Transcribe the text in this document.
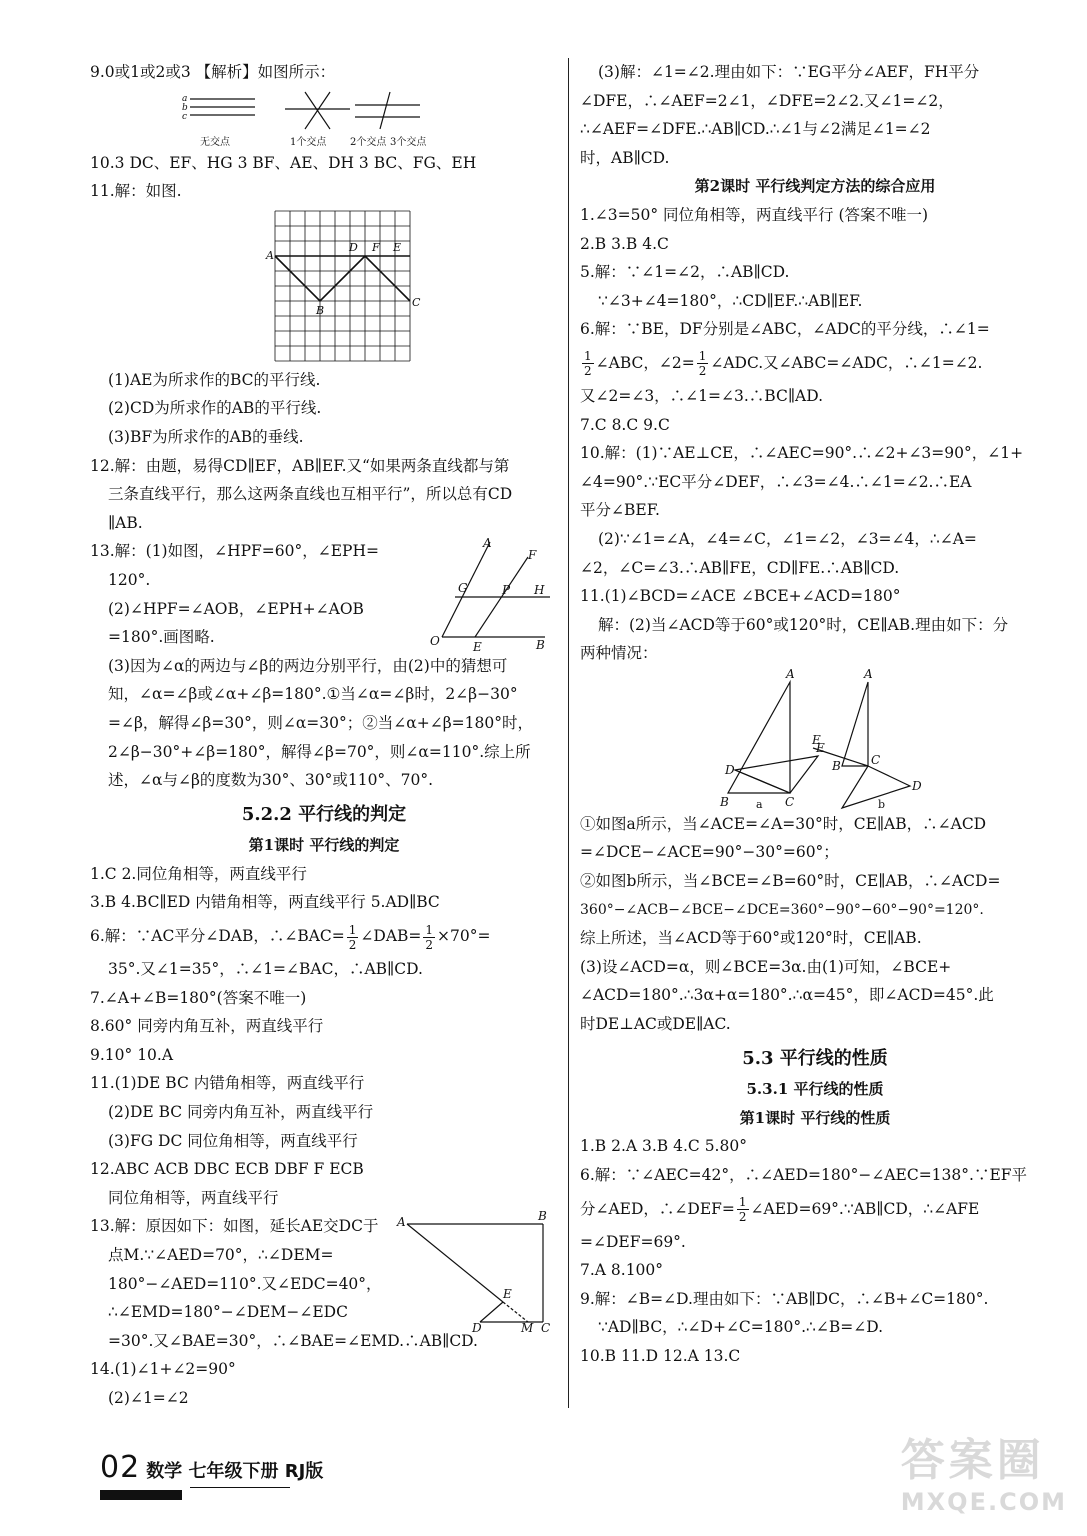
9.0或1或2或3 【解析】如图所示：
a
b
c
无交点	1个交点 2个交点 3个交点
10.3 DC、EF、HG 3 BF、AE、DH 3 BC、FG、EH
11.解：如图.
A
B
C
D	E
F
(1)AE为所求作的BC的平行线.
(2)CD为所求作的AB的平行线.
(3)BF为所求作的AB的垂线.
12.解：由题，易得CD∥EF，AB∥EF.又“如果两条直线都与第
三条直线平行，那么这两条直线也互相平行”，所以总有CD
∥AB.
A
F
G	P H
O	E	B
13.解：(1)如图，∠HPF=60°，∠EPH=
120°.
(2)∠HPF=∠AOB，∠EPH+∠AOB
=180°.画图略.
(3)因为∠α的两边与∠β的两边分别平行，由(2)中的猜想可
知，∠α=∠β或∠α+∠β=180°.①当∠α=∠β时，2∠β−30°
=∠β，解得∠β=30°，则∠α=30°；②当∠α+∠β=180°时，
2∠β−30°+∠β=180°，解得∠β=70°，则∠α=110°.综上所
述，∠α与∠β的度数为30°、30°或110°、70°.
5.2.2 平行线的判定
第1课时 平行线的判定
1.C 2.同位角相等，两直线平行
3.B 4.BC∥ED 内错角相等，两直线平行 5.AD∥BC
6.解：∵AC平分∠DAB，∴∠BAC= $\frac{1}{2}$ ∠DAB= $\frac{1}{2} \times 70^\circ=$
35°.又∠1=35°，∴∠1=∠BAC，∴AB∥CD.
7.∠A+∠B=180°(答案不唯一)
8.60° 同旁内角互补，两直线平行
9.10° 10.A
11.(1)DE BC 内错角相等，两直线平行
(2)DE BC 同旁内角互补，两直线平行
(3)FG DC 同位角相等，两直线平行
12.ABC ACB DBC ECB DBF F ECB
同位角相等，两直线平行
A	B
E
D	M C
13.解：原因如下：如图，延长AE交DC于
点M.∵∠AED=70°，∴∠DEM=
180°−∠AED=110°.又∠EDC=40°，
∴∠EMD=180°−∠DEM−∠EDC
=30°.又∠BAE=30°，∴∠BAE=∠EMD.∴AB∥CD.
14.(1)∠1+∠2=90°
(2)∠1=∠2
(3)解：∠1=∠2.理由如下：∵EG平分∠AEF，FH平分
∠DFE，∴∠AEF=2∠1，∠DFE=2∠2.又∠1=∠2，
∴∠AEF=∠DFE.∴AB∥CD.∴∠1与∠2满足∠1=∠2
时，AB∥CD.
第2课时 平行线判定方法的综合应用
1.∠3=50° 同位角相等，两直线平行 (答案不唯一)
2.B 3.B 4.C
5.解：∵∠1=∠2，∴AB∥CD.
∵∠3+∠4=180°，∴CD∥EF.∴AB∥EF.
6.解：∵BE，DF分别是∠ABC，∠ADC的平分线，∴∠1=
$\frac{1}{2}$ ∠ABC，∠2= $\frac{1}{2}$ ∠ADC.又∠ABC=∠ADC，∴∠1=∠2.
又∠2=∠3，∴∠1=∠3.∴BC∥AD.
7.C 8.C 9.C
10.解：(1)∵AE⊥CE，∴∠AEC=90°.∴∠2+∠3=90°，∠1+
∠4=90°.∵EC平分∠DEF，∴∠3=∠4.∴∠1=∠2.∴EA
平分∠BEF.
(2)∵∠1=∠A，∠4=∠C，∠1=∠2，∠3=∠4，∴∠A=
∠2，∠C=∠3.∴AB∥FE，CD∥FE.∴AB∥CD.
11.(1)∠BCD=∠ACE ∠BCE+∠ACD=180°
解：(2)当∠ACD等于60°或120°时，CE∥AB.理由如下：分
两种情况：
A
E
D
B	C
A
E
B	C
D
a	b
①如图a所示，当∠ACE=∠A=30°时，CE∥AB，∴∠ACD
=∠DCE−∠ACE=90°−30°=60°；
②如图b所示，当∠BCE=∠B=60°时，CE∥AB，∴∠ACD=
360°−∠ACB−∠BCE−∠DCE=360°−90°−60°−90°=120°.
综上所述，当∠ACD等于60°或120°时，CE∥AB.
(3)设∠ACD=α，则∠BCE=3α.由(1)可知，∠BCE+
∠ACD=180°.∴3α+α=180°.∴α=45°，即∠ACD=45°.此
时DE⊥AC或DE∥AC.
5.3 平行线的性质
5.3.1 平行线的性质
第1课时 平行线的性质
1.B 2.A 3.B 4.C 5.80°
6.解：∵∠AEC=42°，∴∠AED=180°−∠AEC=138°.∵EF平
分∠AED，∴∠DEF= $\frac{1}{2}$ ∠AED=69°.∵AB∥CD，∴∠AFE
=∠DEF=69°.
7.A 8.100°
9.解：∠B=∠D.理由如下：∵AB∥DC，∴∠B+∠C=180°.
∵AD∥BC，∴∠D+∠C=180°.∴∠B=∠D.
10.B 11.D 12.A 13.C
02 数学 七年级下册 RJ版	答案圈
MXQE.COM
